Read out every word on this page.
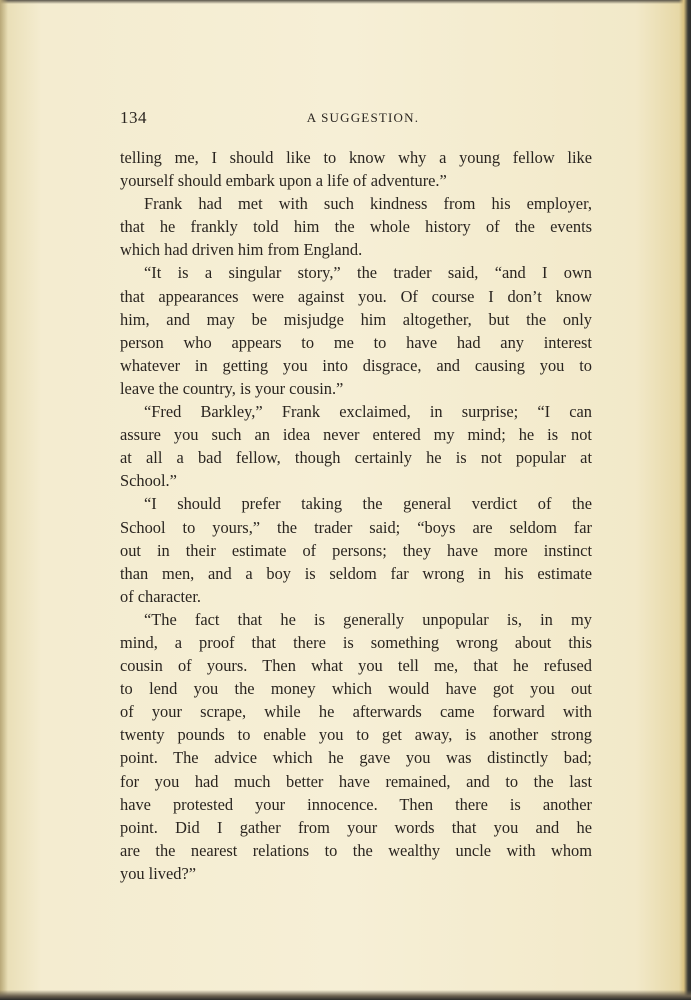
134	A SUGGESTION.
telling me, I should like to know why a young fellow like
yourself should embark upon a life of adventure.”
Frank had met with such kindness from his employer,
that he frankly told him the whole history of the events
which had driven him from England.
“It is a singular story,” the trader said, “and I own
that appearances were against you. Of course I don’t know
him, and may be misjudge him altogether, but the only
person who appears to me to have had any interest
whatever in getting you into disgrace, and causing you to
leave the country, is your cousin.”
“Fred Barkley,” Frank exclaimed, in surprise; “I can
assure you such an idea never entered my mind; he is not
at all a bad fellow, though certainly he is not popular at
School.”
“I should prefer taking the general verdict of the
School to yours,” the trader said; “boys are seldom far
out in their estimate of persons; they have more instinct
than men, and a boy is seldom far wrong in his estimate
of character.
“The fact that he is generally unpopular is, in my
mind, a proof that there is something wrong about this
cousin of yours. Then what you tell me, that he refused
to lend you the money which would have got you out
of your scrape, while he afterwards came forward with
twenty pounds to enable you to get away, is another strong
point. The advice which he gave you was distinctly bad;
for you had much better have remained, and to the last
have protested your innocence. Then there is another
point. Did I gather from your words that you and he
are the nearest relations to the wealthy uncle with whom
you lived?”
